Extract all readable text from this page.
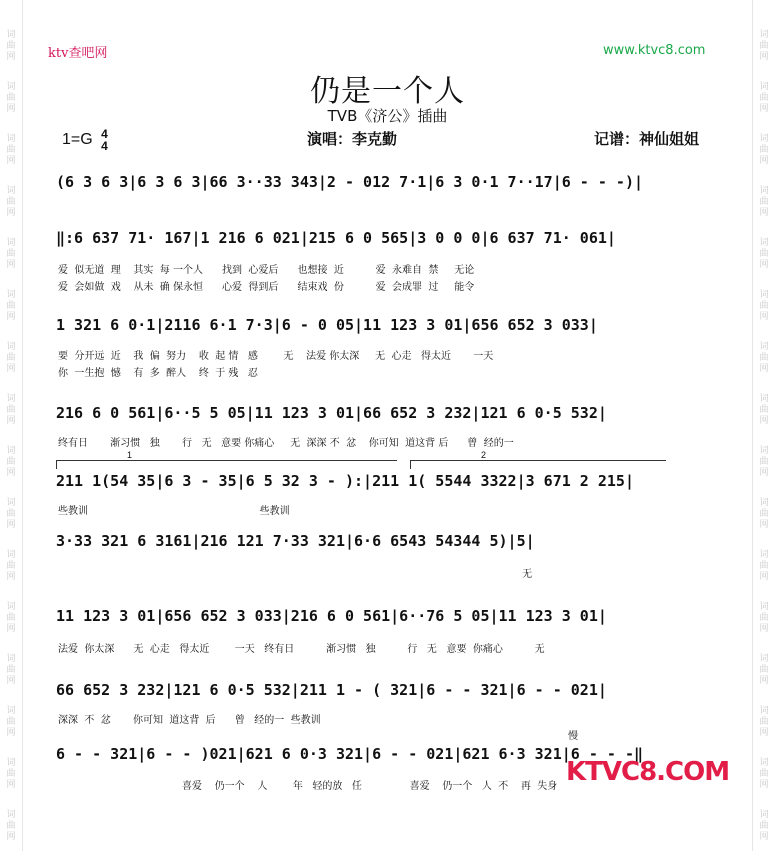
词
曲
网
词
曲
网
词
曲
网
词
曲
网
词
曲
网
词
曲
网
词
曲
网
词
曲
网
词
曲
网
词
曲
网
词
曲
网
词
曲
网
词
曲
网
词
曲
网
词
曲
网
词
曲
网
词
曲
网
词
曲
网
词
曲
网
词
曲
网
词
曲
网
词
曲
网
词
曲
网
词
曲
网
词
曲
网
词
曲
网
词
曲
网
词
曲
网
词
曲
网
词
曲
网
词
曲
网
词
曲
网
ktv查吧网	www.ktvc8.com
仍是一个人
TVB《济公》插曲
1=G 4
4	演唱：李克勤	记谱：神仙姐姐
(6 3 6 3|6 3 6 3|66 3··33 343|2 - 012 7·1|6 3 0·1 7··17|6 - - -)|
‖:6 637 71· 167|1 216 6 021|215 6 0 565|3 0 0 0|6 637 71· 061|
爱  似无道  理    其实  每 一个人      找到  心爱后      也想接  近          爱  永难自  禁     无论
爱  会如做  戏    从未  确 保永恒      心爱  得到后      结束戏  份          爱  会成罪  过     能令
1 321 6 0·1|2116 6·1 7·3|6 - 0 05|11 123 3 01|656 652 3 033|
要  分开远  近    我  偏  努力    收  起 情   感        无    法爱 你太深     无  心走   得太近       一天
你  一生抱  憾    有  多  醉人    终  于 残   忍
216 6 0 561|6··5 5 05|11 123 3 01|66 652 3 232|121 6 0·5 532|
终有日       渐习惯   独       行   无   意要 你痛心     无  深深 不  忿    你可知  道这背 后      曾  经的一
1	2
211 1(54 35|6 3 - 35|6 5 32 3 - ):|211 1( 5544 3322|3 671 2 215|
些教训                                                      些教训
3·33 321 6 3161|216 121 7·33 321|6·6 6543 54344 5)|5|
无
11 123 3 01|656 652 3 033|216 6 0 561|6··76 5 05|11 123 3 01|
法爱  你太深      无  心走   得太近        一天   终有日          渐习惯   独          行   无   意要  你痛心          无
66 652 3 232|121 6 0·5 532|211 1 - ( 321|6 - - 321|6 - - 021|
深深  不  忿       你可知  道这背  后      曾   经的一  些教训
慢
6 - - 321|6 - - )021|621 6 0·3 321|6 - - 021|621 6·3 321|6 - - -‖
喜爱    仍一个    人        年   轻的放   任               喜爱    仍一个   人  不    再  失身 KTVC8.COM
